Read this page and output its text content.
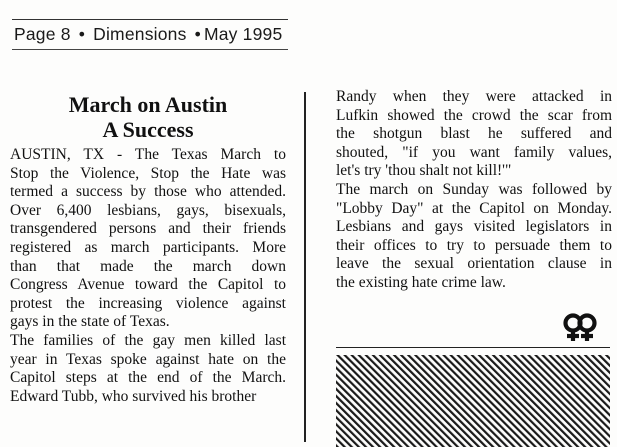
Page 8 • Dimensions • May 1995
March on Austin
A Success
AUSTIN, TX - The Texas March to
Stop the Violence, Stop the Hate was
termed a success by those who attended.
Over 6,400 lesbians, gays, bisexuals,
transgendered persons and their friends
registered as march participants. More
than that made the march down
Congress Avenue toward the Capitol to
protest the increasing violence against
gays in the state of Texas.
The families of the gay men killed last
year in Texas spoke against hate on the
Capitol steps at the end of the March.
Edward Tubb, who survived his brother
Randy when they were attacked in
Lufkin showed the crowd the scar from
the shotgun blast he suffered and
shouted, "if you want family values,
let's try 'thou shalt not kill!'"
The march on Sunday was followed by
"Lobby Day" at the Capitol on Monday.
Lesbians and gays visited legislators in
their offices to try to persuade them to
leave the sexual orientation clause in
the existing hate crime law.
